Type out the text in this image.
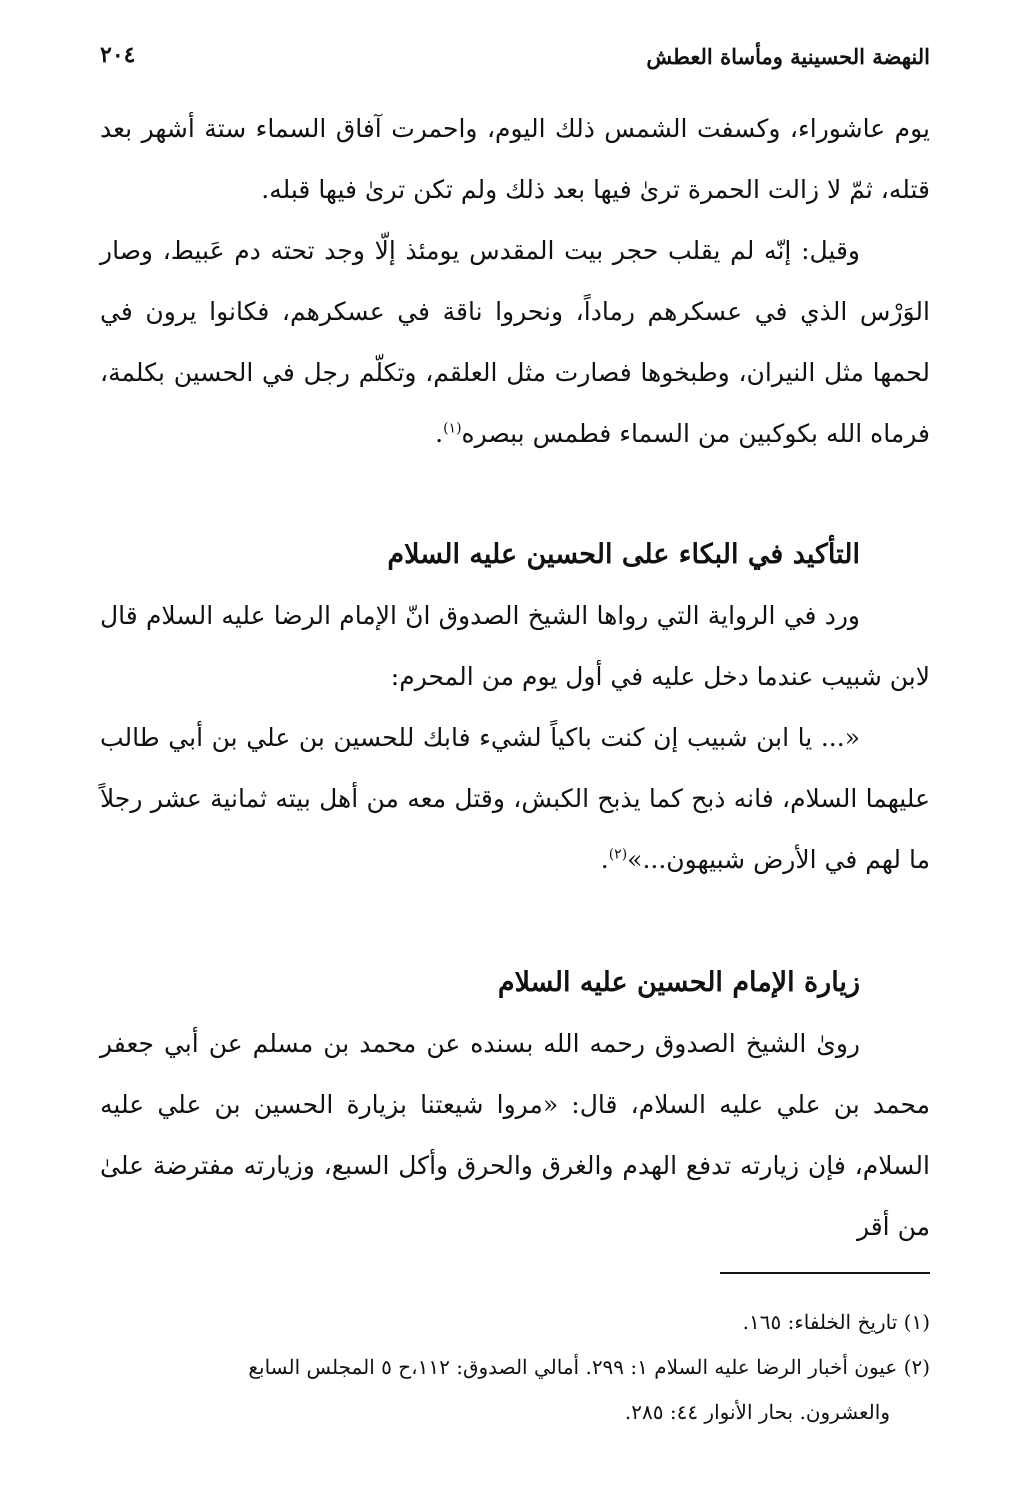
النهضة الحسينية ومأساة العطش
٢٠٤

يوم عاشوراء، وكسفت الشمس ذلك اليوم، واحمرت آفاق السماء ستة أشهر بعد قتله، ثمّ لا زالت الحمرة ترىٰ فيها بعد ذلك ولم تكن ترىٰ فيها قبله.

وقيل: إنّه لم يقلب حجر بيت المقدس يومئذ إلّا وجد تحته دم عَبيط، وصار الوَرْس الذي في عسكرهم رماداً، ونحروا ناقة في عسكرهم، فكانوا يرون في لحمها مثل النيران، وطبخوها فصارت مثل العلقم، وتكلّم رجل في الحسين بكلمة، فرماه الله بكوكبين من السماء فطمس ببصره$^{(١)}$.

التأكيد في البكاء على الحسين عليه السلام

ورد في الرواية التي رواها الشيخ الصدوق انّ الإمام الرضا عليه السلام قال لابن شبيب عندما دخل عليه في أول يوم من المحرم:

«... يا ابن شبيب إن كنت باكياً لشيء فابك للحسين بن علي بن أبي طالب عليهما السلام، فانه ذبح كما يذبح الكبش، وقتل معه من أهل بيته ثمانية عشر رجلاً ما لهم في الأرض شبيهون...»$^{(٢)}$.

زيارة الإمام الحسين عليه السلام

روىٰ الشيخ الصدوق رحمه الله بسنده عن محمد بن مسلم عن أبي جعفر محمد بن علي عليه السلام، قال: «مروا شيعتنا بزيارة الحسين بن علي عليه السلام، فإن زيارته تدفع الهدم والغرق والحرق وأكل السبع، وزيارته مفترضة علىٰ من أقر

(١) تاريخ الخلفاء: ١٦٥.

(٢) عيون أخبار الرضا عليه السلام ١: ٢٩٩. أمالي الصدوق: ١١٢،ح ٥ المجلس السابع

والعشرون. بحار الأنوار ٤٤: ٢٨٥.
